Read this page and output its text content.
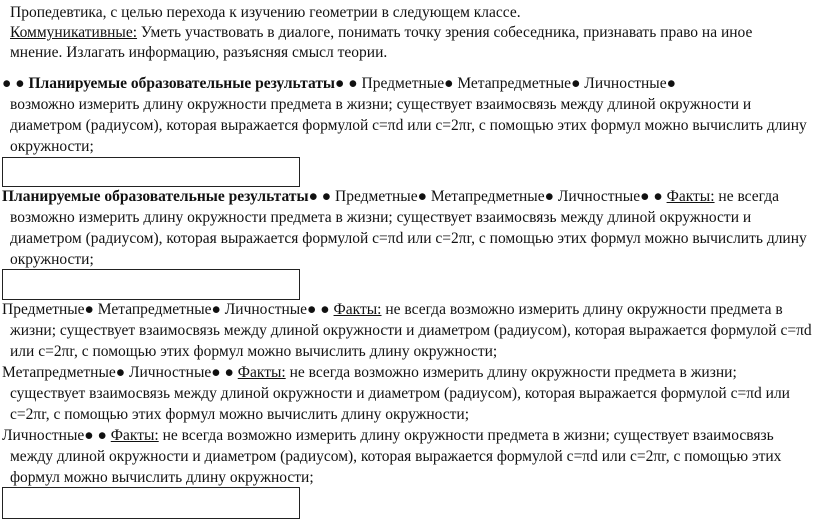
Пропедевтика, с целью перехода к изучению геометрии в следующем классе.
Коммуникативные: Уметь участвовать в диалоге, понимать точку зрения собеседника, признавать право на иное
мнение. Излагать информацию, разъясняя смысл теории.
● ● Планируемые образовательные результаты● ● Предметные● Метапредметные● Личностные●
возможно измерить длину окружности предмета в жизни; существует взаимосвязь между длиной окружности и
диаметром (радиусом), которая выражается формулой c=πd или c=2πr, с помощью этих формул можно вычислить длину
окружности;
Планируемые образовательные результаты● ● Предметные● Метапредметные● Личностные● ● Факты: не всегда
возможно измерить длину окружности предмета в жизни; существует взаимосвязь между длиной окружности и
диаметром (радиусом), которая выражается формулой c=πd или c=2πr, с помощью этих формул можно вычислить длину
окружности;
Предметные● Метапредметные● Личностные● ● Факты: не всегда возможно измерить длину окружности предмета в
жизни; существует взаимосвязь между длиной окружности и диаметром (радиусом), которая выражается формулой c=πd
или c=2πr, с помощью этих формул можно вычислить длину окружности;
Метапредметные● Личностные● ● Факты: не всегда возможно измерить длину окружности предмета в жизни;
существует взаимосвязь между длиной окружности и диаметром (радиусом), которая выражается формулой c=πd или
c=2πr, с помощью этих формул можно вычислить длину окружности;
Личностные● ● Факты: не всегда возможно измерить длину окружности предмета в жизни; существует взаимосвязь
между длиной окружности и диаметром (радиусом), которая выражается формулой c=πd или c=2πr, с помощью этих
формул можно вычислить длину окружности;
